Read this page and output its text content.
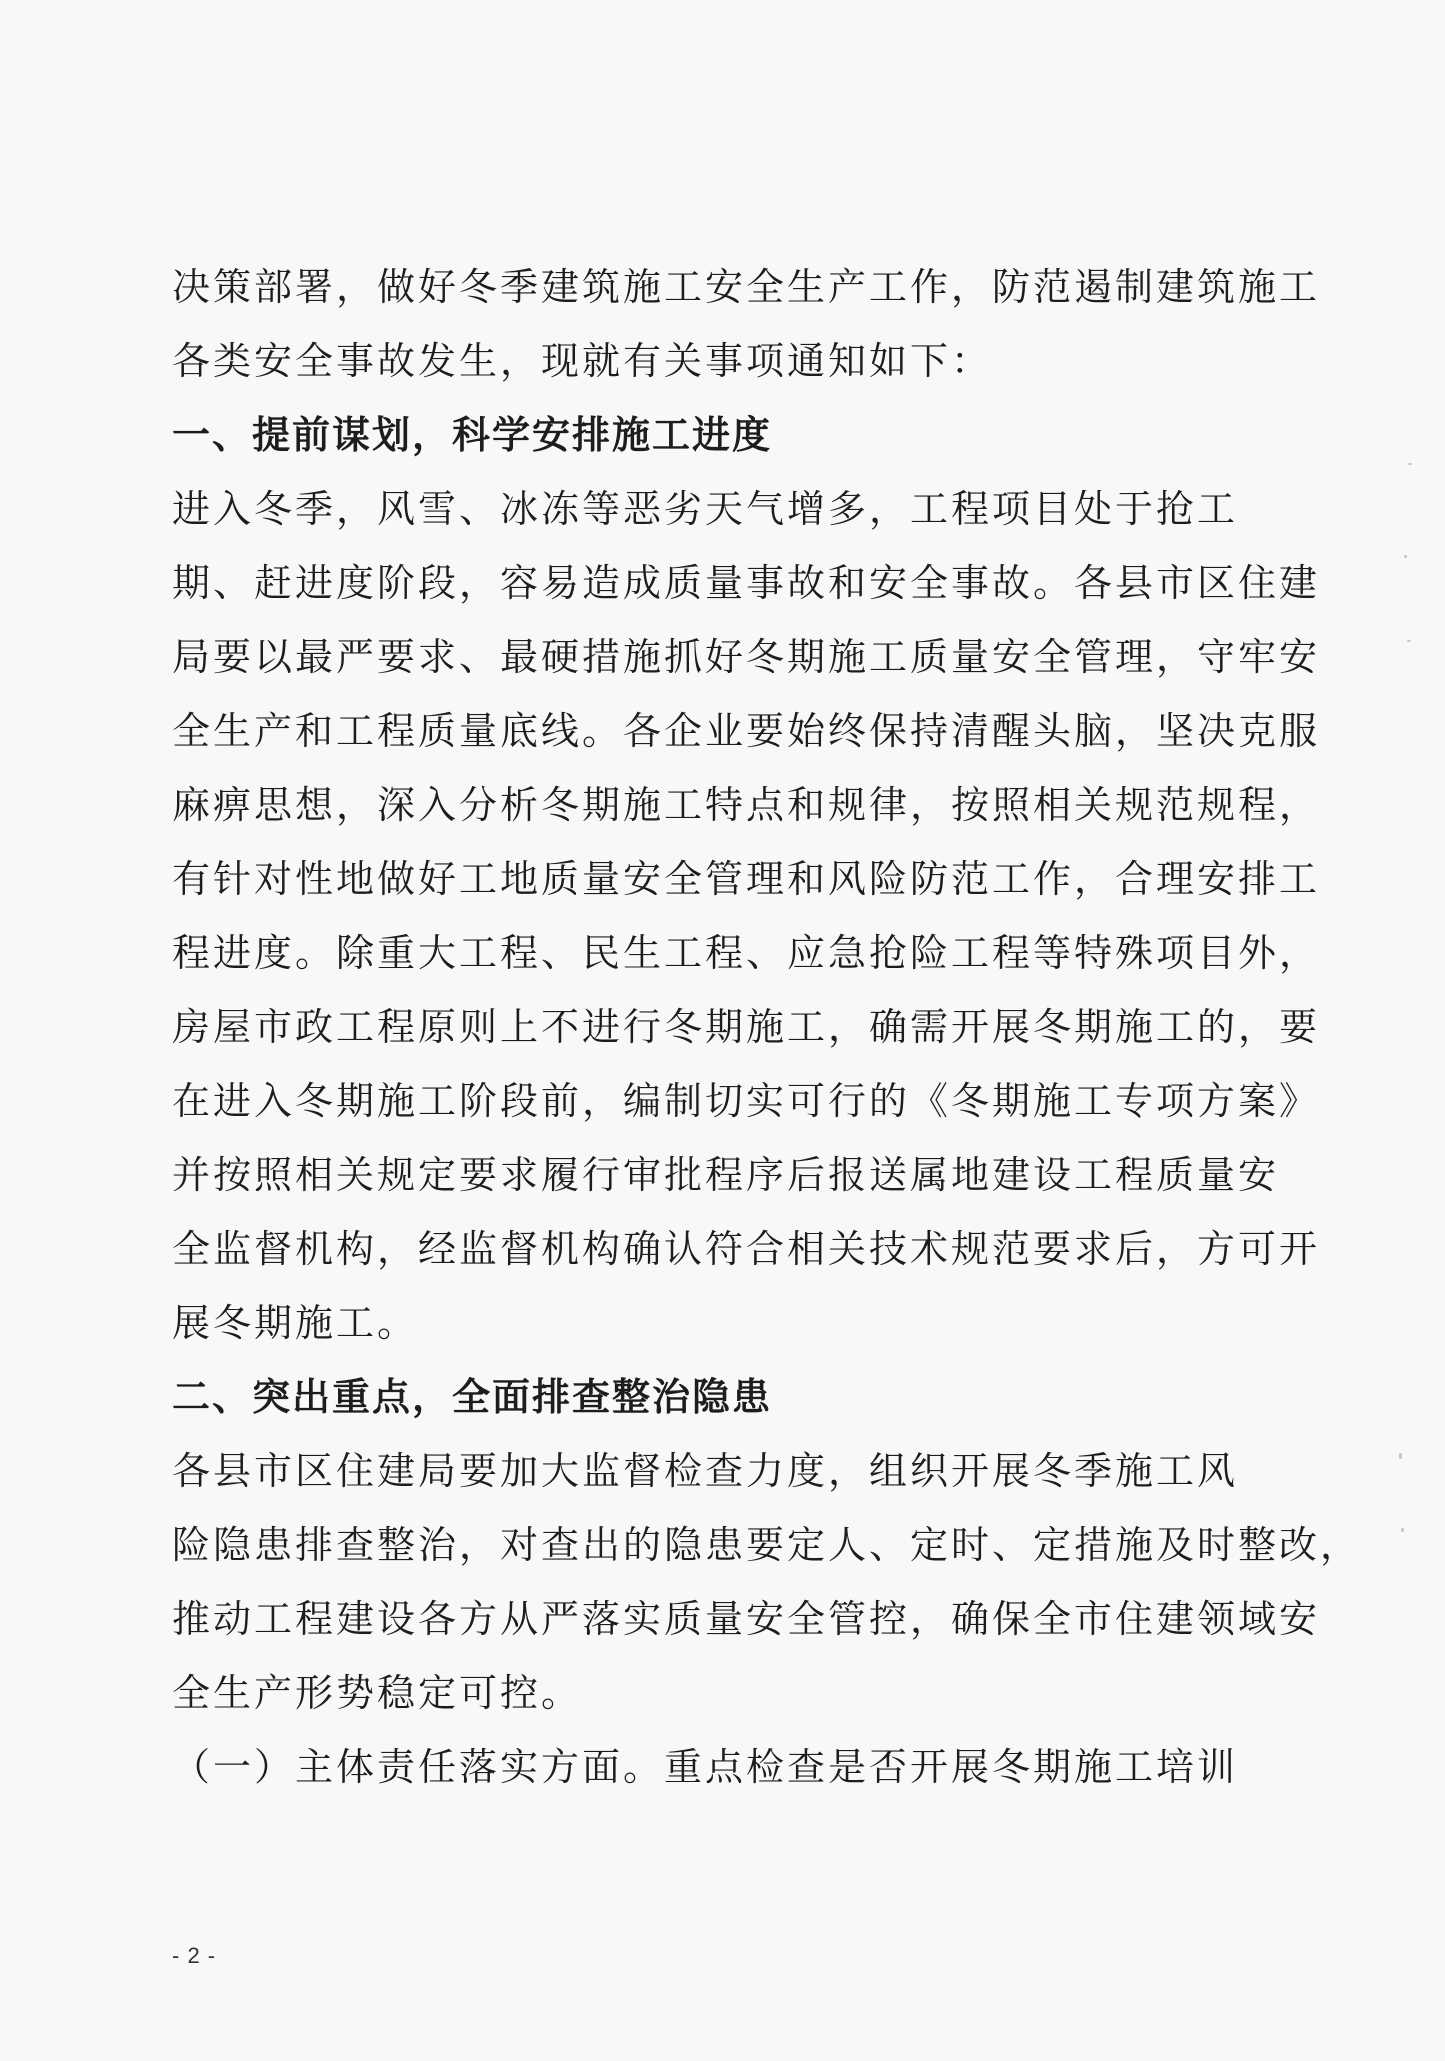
决策部署，做好冬季建筑施工安全生产工作，防范遏制建筑施工
各类安全事故发生，现就有关事项通知如下：
一、提前谋划，科学安排施工进度
进入冬季，风雪、冰冻等恶劣天气增多，工程项目处于抢工
期、赶进度阶段，容易造成质量事故和安全事故。各县市区住建
局要以最严要求、最硬措施抓好冬期施工质量安全管理，守牢安
全生产和工程质量底线。各企业要始终保持清醒头脑，坚决克服
麻痹思想，深入分析冬期施工特点和规律，按照相关规范规程，
有针对性地做好工地质量安全管理和风险防范工作，合理安排工
程进度。除重大工程、民生工程、应急抢险工程等特殊项目外，
房屋市政工程原则上不进行冬期施工，确需开展冬期施工的，要
在进入冬期施工阶段前，编制切实可行的《冬期施工专项方案》
并按照相关规定要求履行审批程序后报送属地建设工程质量安
全监督机构，经监督机构确认符合相关技术规范要求后，方可开
展冬期施工。
二、突出重点，全面排查整治隐患
各县市区住建局要加大监督检查力度，组织开展冬季施工风
险隐患排查整治，对查出的隐患要定人、定时、定措施及时整改，
推动工程建设各方从严落实质量安全管控，确保全市住建领域安
全生产形势稳定可控。
（一）主体责任落实方面。重点检查是否开展冬期施工培训
- 2 -
